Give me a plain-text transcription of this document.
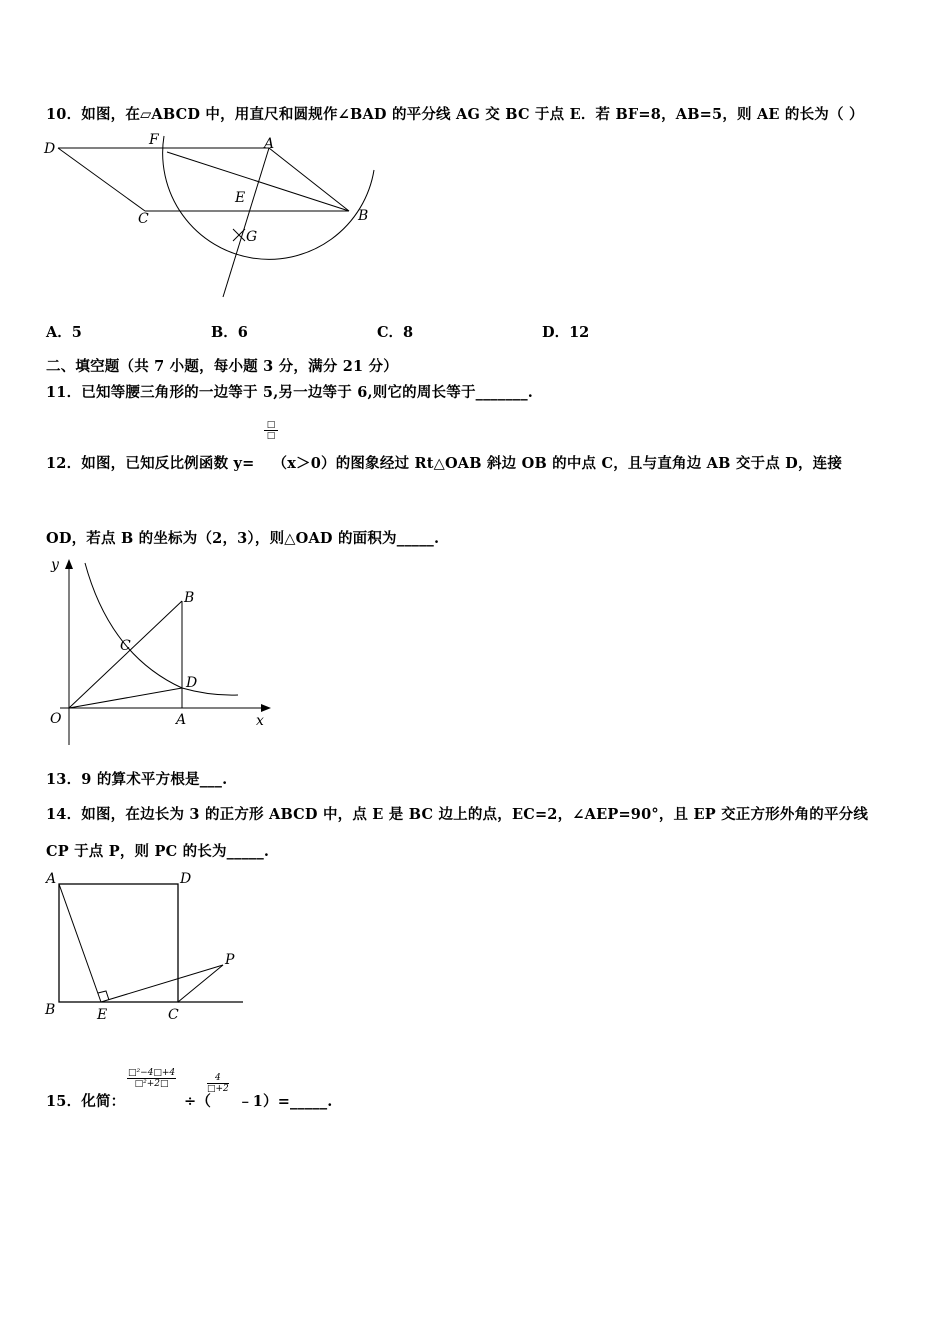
10．如图，在▱ABCD 中，用直尺和圆规作∠BAD 的平分线 AG 交 BC 于点 E．若 BF=8，AB=5，则 AE 的长为（ ）
D
F	A
E
C	B
G
A．5	B．6	C．8	D．12
二、填空题（共 7 小题，每小题 3 分，满分 21 分）
11．已知等腰三角形的一边等于 5,另一边等于 6,则它的周长等于_______.
□
□
12．如图，已知反比例函数 y= （x＞0）的图象经过 Rt△OAB 斜边 OB 的中点 C，且与直角边 AB 交于点 D，连接
OD，若点 B 的坐标为（2，3），则△OAD 的面积为_____.
y
x
O	A
B
C
D
13．9 的算术平方根是___.
14．如图，在边长为 3 的正方形 ABCD 中，点 E 是 BC 边上的点，EC=2，∠AEP=90°，且 EP 交正方形外角的平分线
CP 于点 P，则 PC 的长为_____.
A	D
B	E	C
P
15．化简：
$\frac{\text{□²−4□+4}}{\text{□²+2□}}$
÷（
$\frac{4}{□+2}$
﹣1）=_____.
